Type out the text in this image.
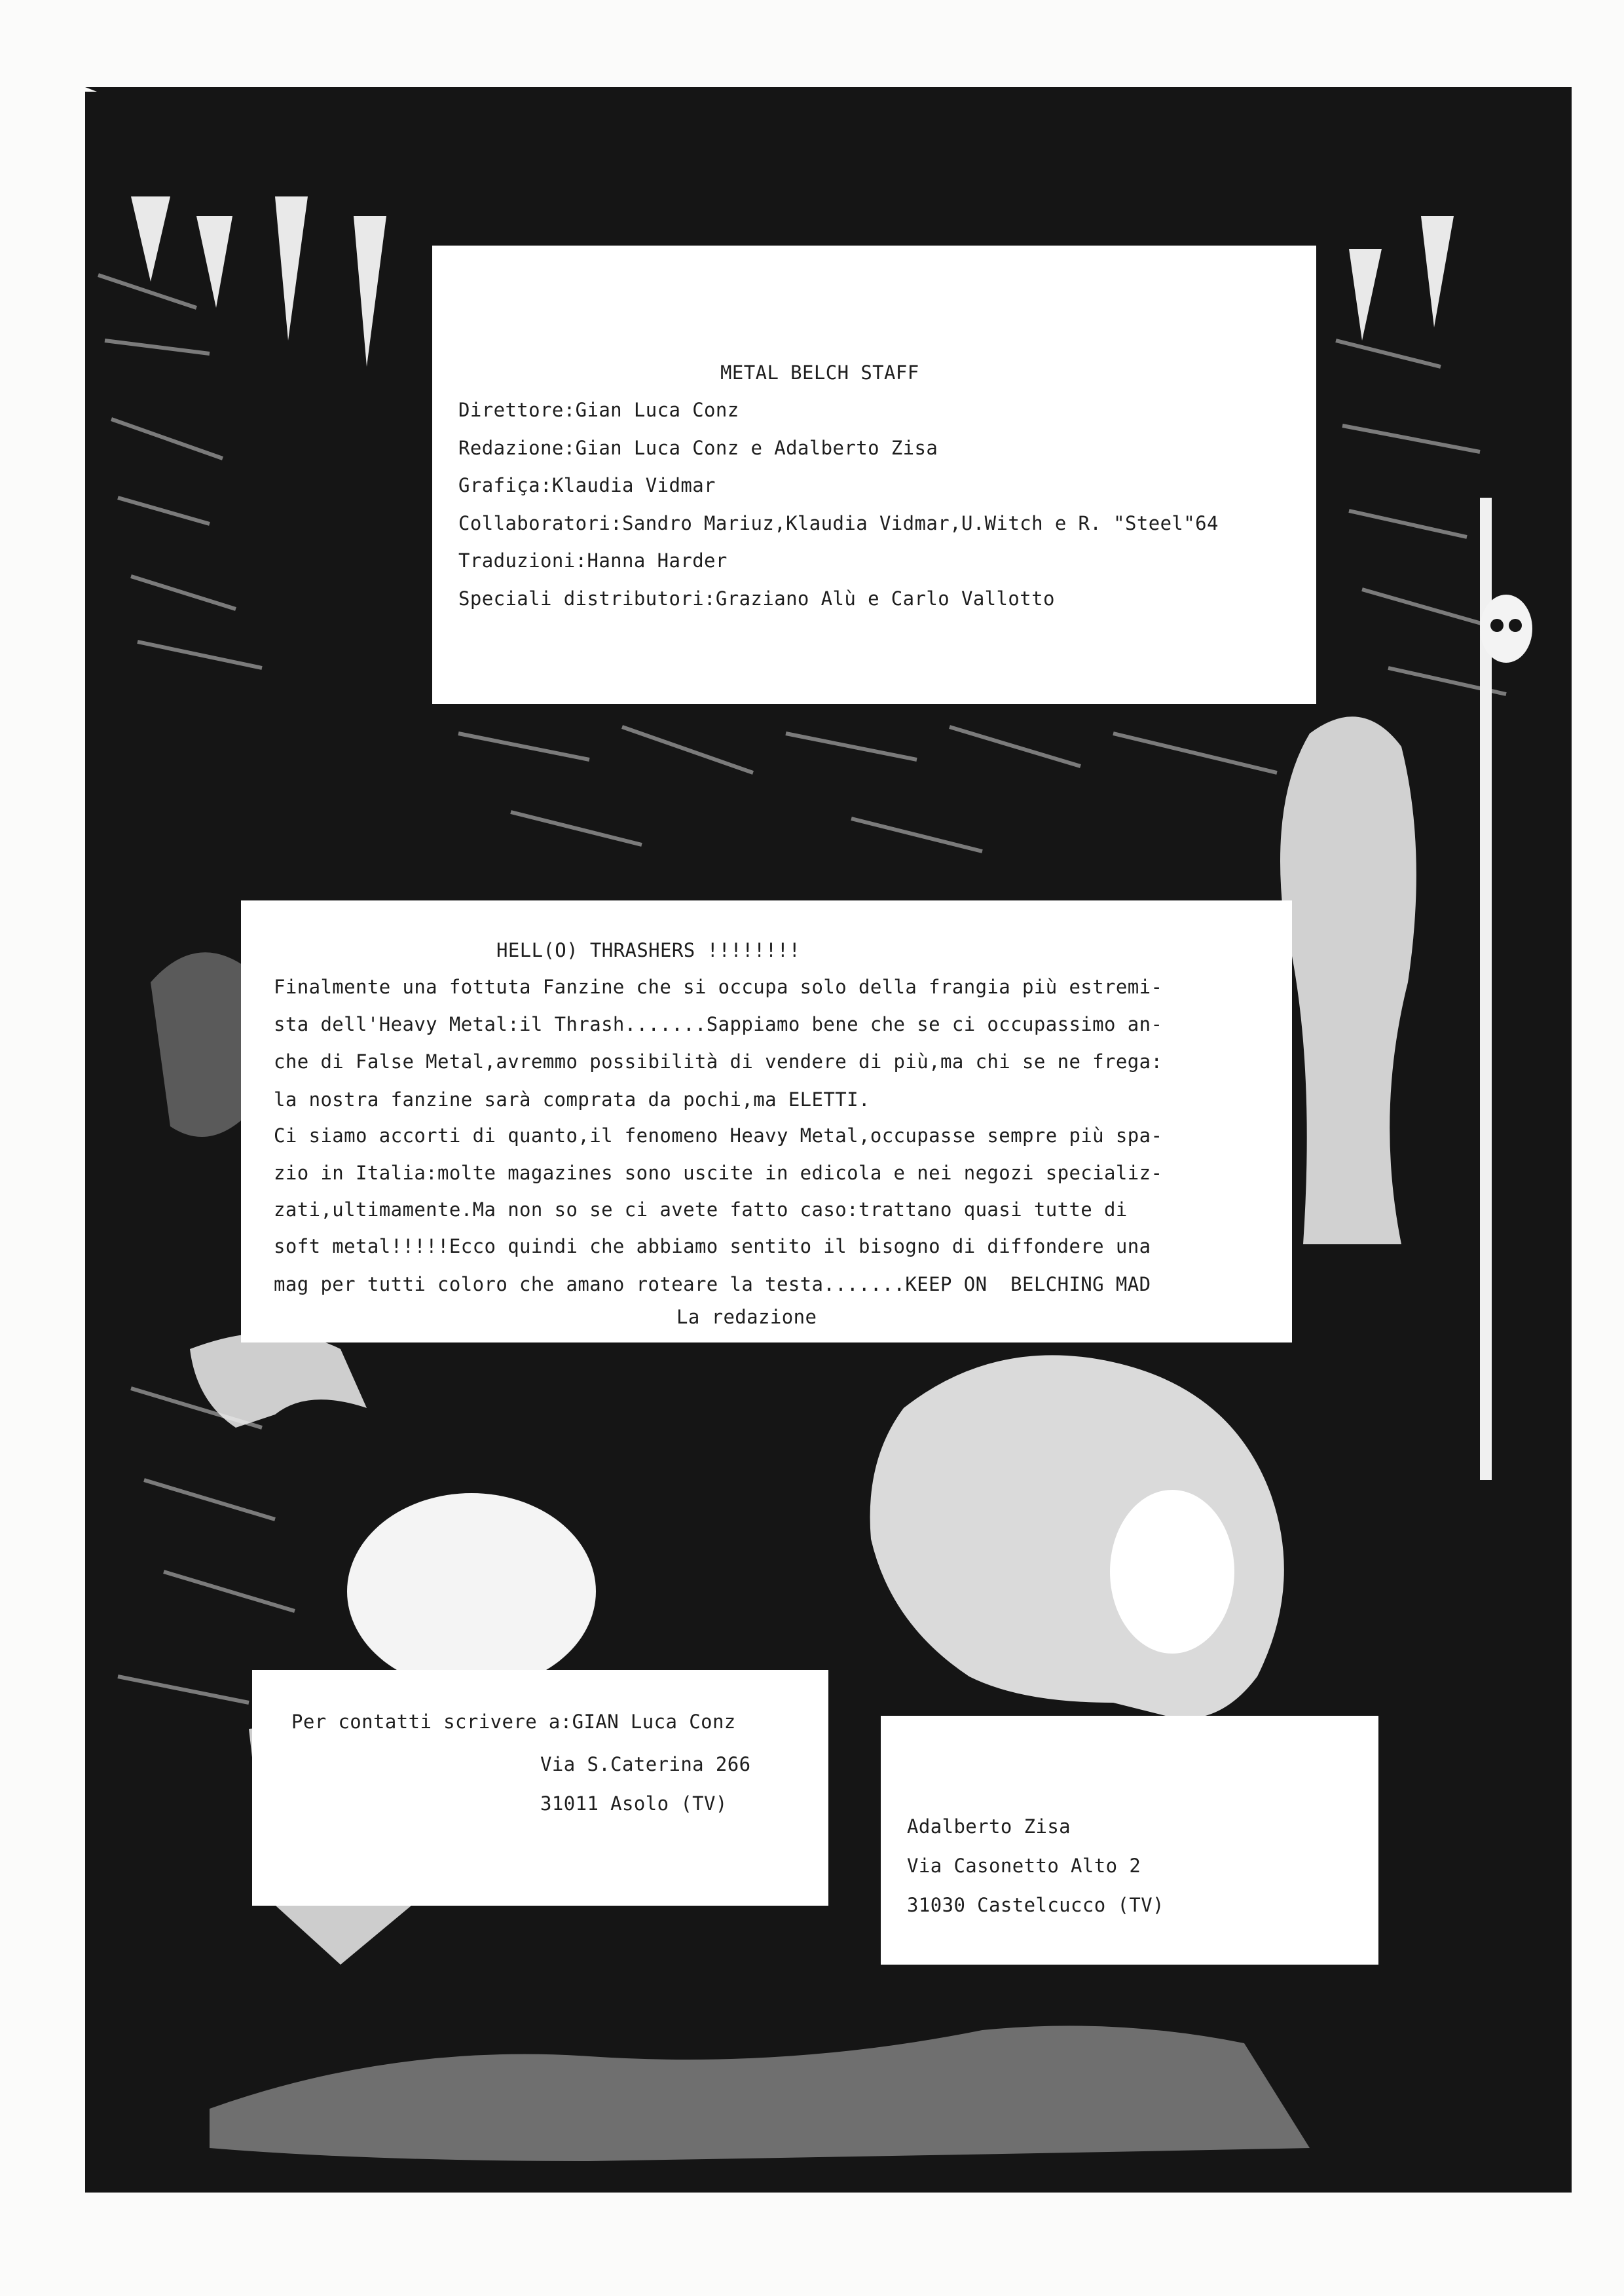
METAL BELCH STAFF
Direttore:Gian Luca Conz
Redazione:Gian Luca Conz e Adalberto Zisa
Grafiça:Klaudia Vidmar
Collaboratori:Sandro Mariuz,Klaudia Vidmar,U.Witch e R. "Steel"64
Traduzioni:Hanna Harder
Speciali distributori:Graziano Alù e Carlo Vallotto
HELL(O) THRASHERS !!!!!!!!
Finalmente una fottuta Fanzine che si occupa solo della frangia più estremi-
sta dell'Heavy Metal:il Thrash.......Sappiamo bene che se ci occupassimo an-
che di False Metal,avremmo possibilità di vendere di più,ma chi se ne frega:
la nostra fanzine sarà comprata da pochi,ma ELETTI.
Ci siamo accorti di quanto,il fenomeno Heavy Metal,occupasse sempre più spa-
zio in Italia:molte magazines sono uscite in edicola e nei negozi specializ-
zati,ultimamente.Ma non so se ci avete fatto caso:trattano quasi tutte di
soft metal!!!!!Ecco quindi che abbiamo sentito il bisogno di diffondere una
mag per tutti coloro che amano roteare la testa.......KEEP ON  BELCHING MAD
La redazione
Per contatti scrivere a:GIAN Luca Conz
Via S.Caterina 266
31011 Asolo (TV)
Adalberto Zisa
Via Casonetto Alto 2
31030 Castelcucco (TV)
